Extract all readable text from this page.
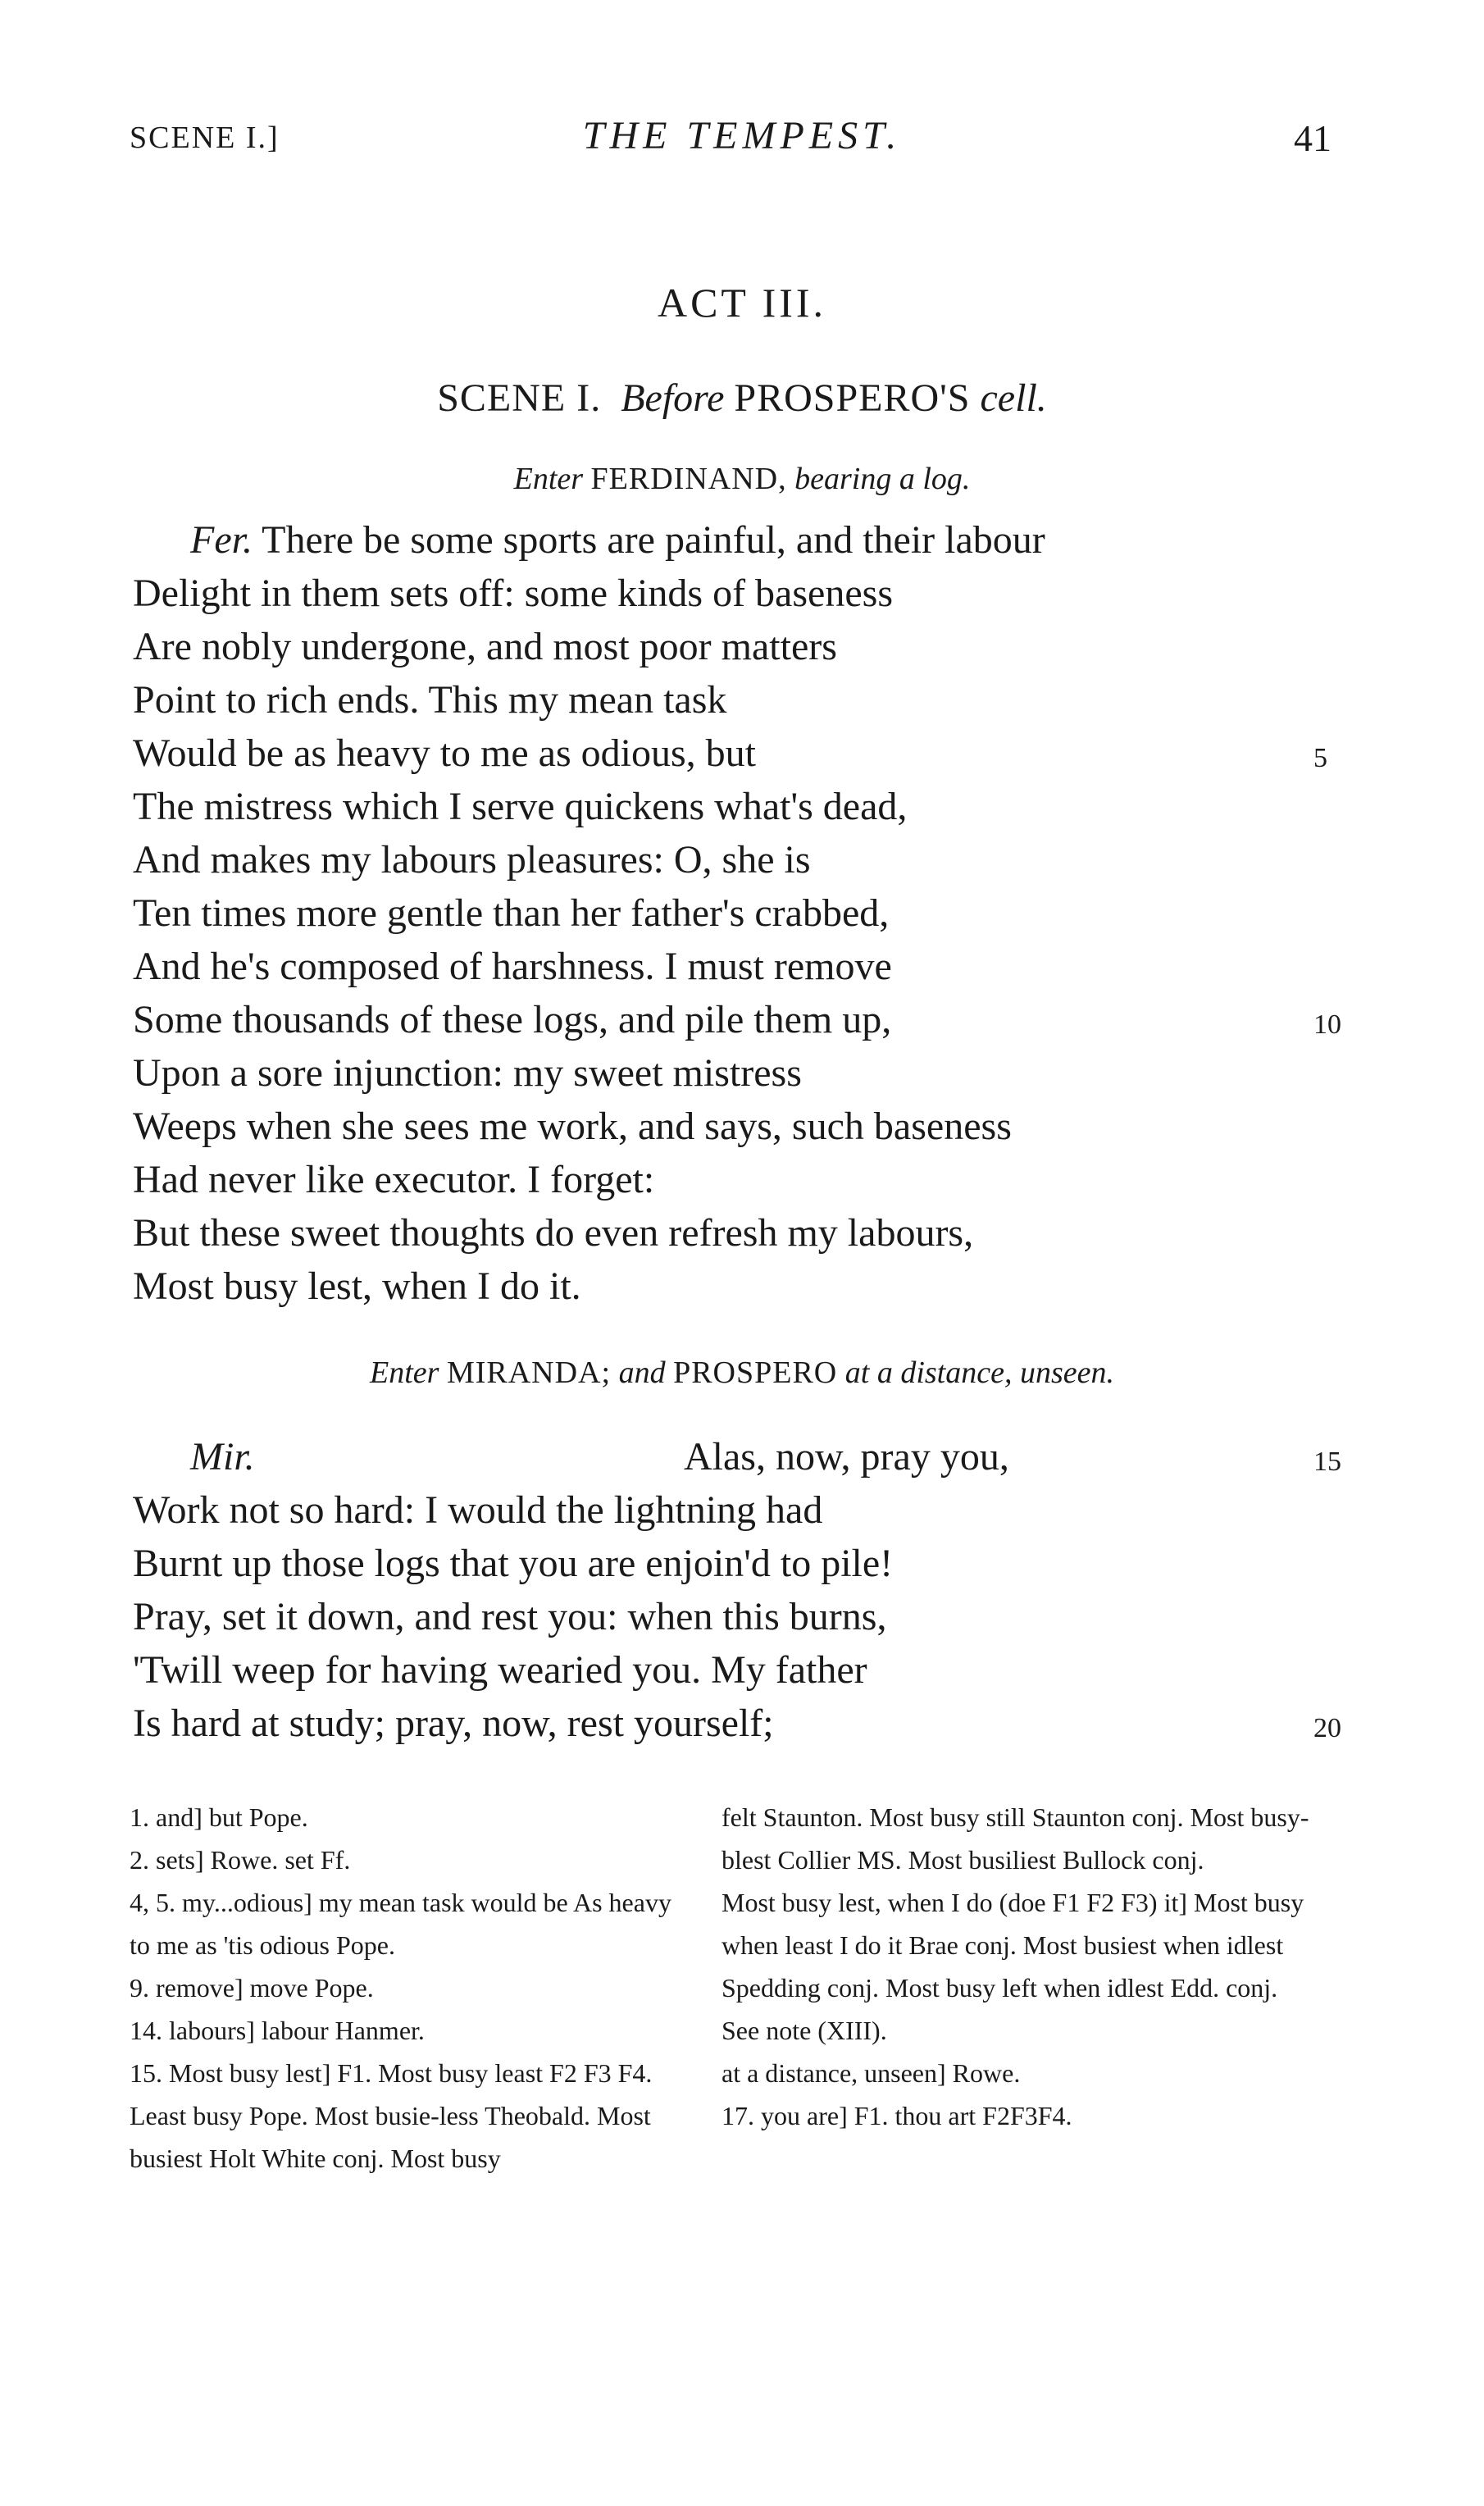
SCENE I.]	THE TEMPEST.	41
ACT III.
SCENE I. Before PROSPERO'S cell.
Enter FERDINAND, bearing a log.
Fer. There be some sports are painful, and their labour
Delight in them sets off: some kinds of baseness
Are nobly undergone, and most poor matters
Point to rich ends. This my mean task
Would be as heavy to me as odious, but	5
The mistress which I serve quickens what's dead,
And makes my labours pleasures: O, she is
Ten times more gentle than her father's crabbed,
And he's composed of harshness. I must remove
Some thousands of these logs, and pile them up,	10
Upon a sore injunction: my sweet mistress
Weeps when she sees me work, and says, such baseness
Had never like executor. I forget:
But these sweet thoughts do even refresh my labours,
Most busy lest, when I do it.
Enter MIRANDA; and PROSPERO at a distance, unseen.
Mir.	Alas, now, pray you,	15
Work not so hard: I would the lightning had
Burnt up those logs that you are enjoin'd to pile!
Pray, set it down, and rest you: when this burns,
'Twill weep for having wearied you. My father
Is hard at study; pray, now, rest yourself;	20

1. and] but Pope.

2. sets] Rowe. set Ff.

4, 5. my...odious] my mean task would be As heavy to me as 'tis odious Pope.

9. remove] move Pope.

14. labours] labour Hanmer.

15. Most busy lest] F1. Most busy least F2 F3 F4. Least busy Pope. Most busie-less Theobald. Most busiest Holt White conj. Most busy

felt Staunton. Most busy still Staunton conj. Most busy-blest Collier MS. Most busiliest Bullock conj.

Most busy lest, when I do (doe F1 F2 F3) it] Most busy when least I do it Brae conj. Most busiest when idlest Spedding conj. Most busy left when idlest Edd. conj. See note (XIII).

at a distance, unseen] Rowe.

17. you are] F1. thou art F2F3F4.
